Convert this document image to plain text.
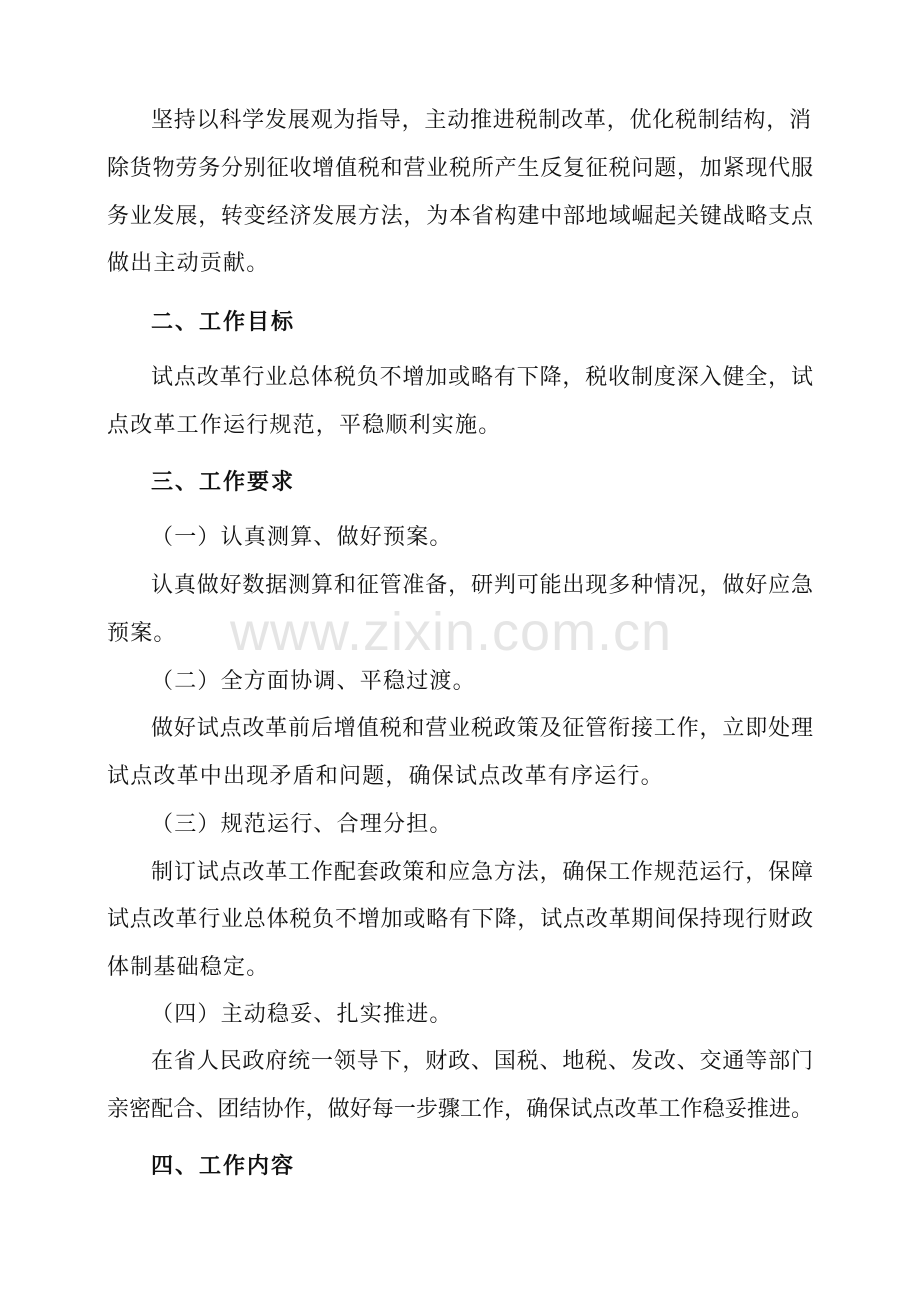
坚持以科学发展观为指导，主动推进税制改革，优化税制结构，消
除货物劳务分别征收增值税和营业税所产生反复征税问题，加紧现代服
务业发展，转变经济发展方法，为本省构建中部地域崛起关键战略支点
做出主动贡献。
二、工作目标
试点改革行业总体税负不增加或略有下降，税收制度深入健全，试
点改革工作运行规范，平稳顺利实施。
三、工作要求
（一）认真测算、做好预案。
认真做好数据测算和征管准备，研判可能出现多种情况，做好应急
预案。
（二）全方面协调、平稳过渡。
做好试点改革前后增值税和营业税政策及征管衔接工作，立即处理
试点改革中出现矛盾和问题，确保试点改革有序运行。
（三）规范运行、合理分担。
制订试点改革工作配套政策和应急方法，确保工作规范运行，保障
试点改革行业总体税负不增加或略有下降，试点改革期间保持现行财政
体制基础稳定。
（四）主动稳妥、扎实推进。
在省人民政府统一领导下，财政、国税、地税、发改、交通等部门
亲密配合、团结协作，做好每一步骤工作，确保试点改革工作稳妥推进。
四、工作内容
www.zixin.com.cn
